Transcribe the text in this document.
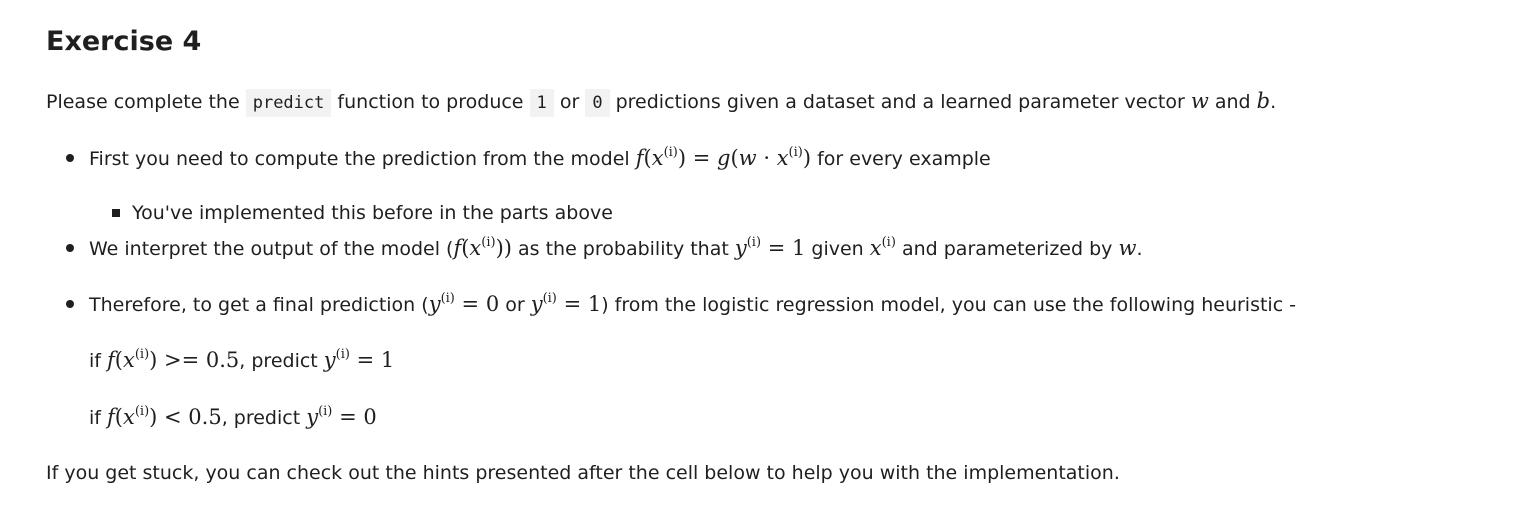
Exercise 4
Please complete the predict function to produce 1 or 0 predictions given a dataset and a learned parameter vector w and b.
First you need to compute the prediction from the model $f(x^{(i)}) = g(w \cdot x^{(i)})$ for every example
You've implemented this before in the parts above
We interpret the output of the model $(f(x^{(i)}))$ as the probability that $y^{(i)} = 1$ given $x^{(i)}$ and parameterized by w.
Therefore, to get a final prediction ($y^{(i)} = 0$ or $y^{(i)} = 1$) from the logistic regression model, you can use the following heuristic -
if $f(x^{(i)}) >= 0.5$, predict $y^{(i)} = 1$
if $f(x^{(i)}) < 0.5$, predict $y^{(i)} = 0$
If you get stuck, you can check out the hints presented after the cell below to help you with the implementation.
